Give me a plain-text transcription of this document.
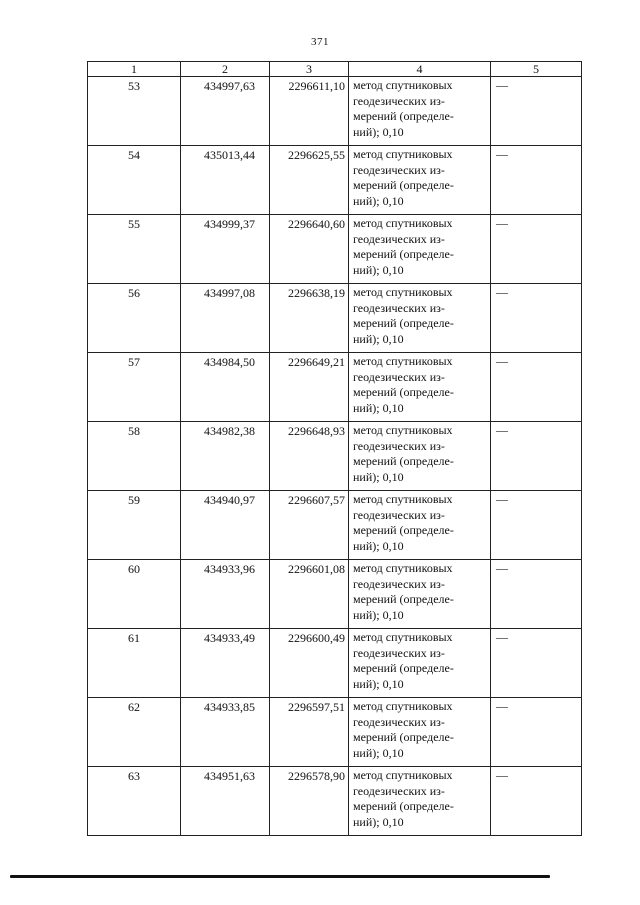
371
1	2	3	4	5
53	434997,63	2296611,10	метод спутниковых
геодезических из-
мерений (определе-
ний); 0,10	—
54	435013,44	2296625,55	метод спутниковых
геодезических из-
мерений (определе-
ний); 0,10	—
55	434999,37	2296640,60	метод спутниковых
геодезических из-
мерений (определе-
ний); 0,10	—
56	434997,08	2296638,19	метод спутниковых
геодезических из-
мерений (определе-
ний); 0,10	—
57	434984,50	2296649,21	метод спутниковых
геодезических из-
мерений (определе-
ний); 0,10	—
58	434982,38	2296648,93	метод спутниковых
геодезических из-
мерений (определе-
ний); 0,10	—
59	434940,97	2296607,57	метод спутниковых
геодезических из-
мерений (определе-
ний); 0,10	—
60	434933,96	2296601,08	метод спутниковых
геодезических из-
мерений (определе-
ний); 0,10	—
61	434933,49	2296600,49	метод спутниковых
геодезических из-
мерений (определе-
ний); 0,10	—
62	434933,85	2296597,51	метод спутниковых
геодезических из-
мерений (определе-
ний); 0,10	—
63	434951,63	2296578,90	метод спутниковых
геодезических из-
мерений (определе-
ний); 0,10	—
